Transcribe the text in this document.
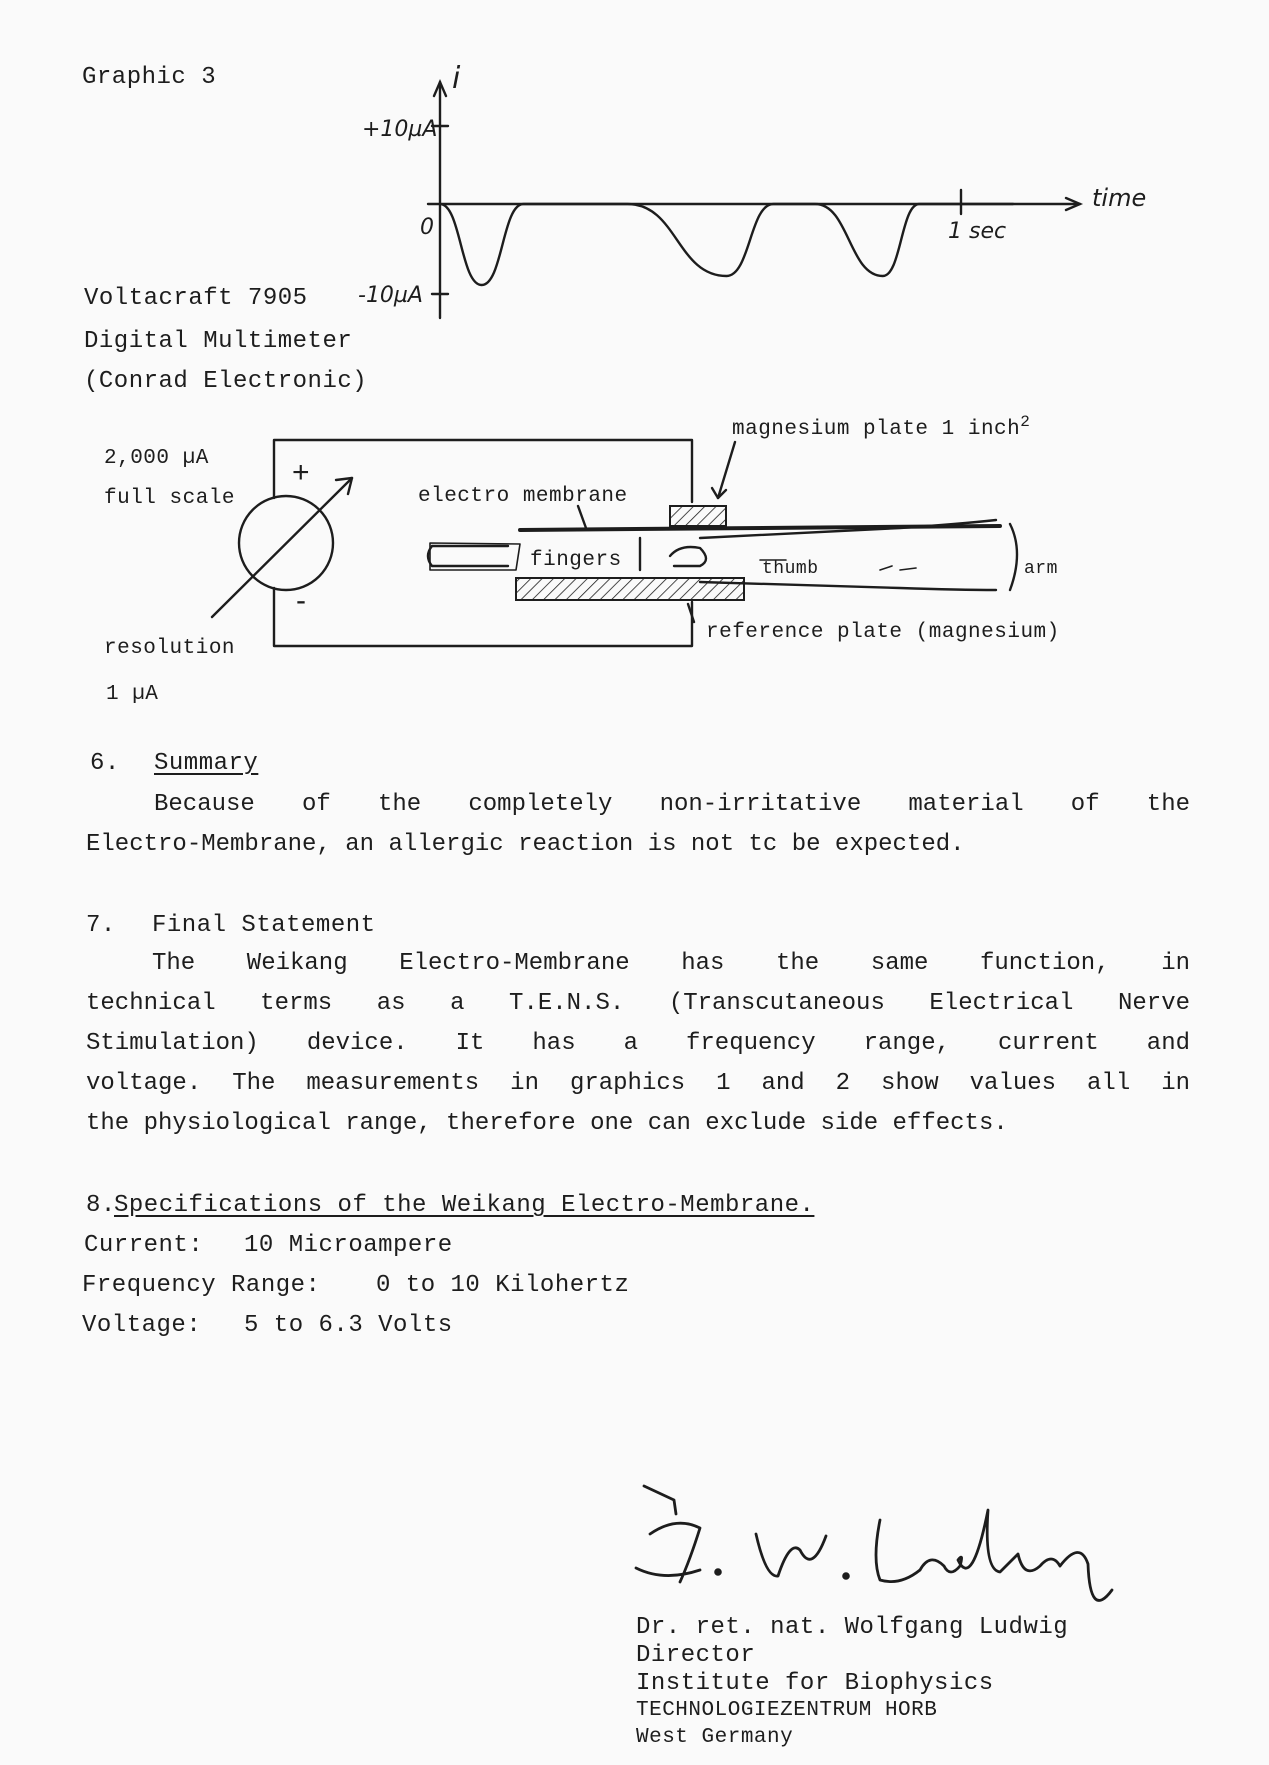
Graphic 3	i
time
+10µA
0
-10µA
1 sec
+
-
Voltacraft 7905
Digital Multimeter
(Conrad Electronic)
2,000 µA
full scale
resolution
1 µA
magnesium plate 1 inch$^2$
electro membrane
fingers	thumb	arm
reference plate (magnesium)
6. Summary
Because of the completely non-irritative material of the
Electro-Membrane, an allergic reaction is not tc be expected.
7. Final Statement
The Weikang Electro-Membrane has the same function, in
technical terms as a T.E.N.S. (Transcutaneous Electrical Nerve
Stimulation) device. It has a frequency range, current and
voltage. The measurements in graphics 1 and 2 show values all in
the physiological range, therefore one can exclude side effects.
8.
Specifications of the Weikang Electro-Membrane.
Current: 10 Microampere
Frequency Range: 0 to 10 Kilohertz
Voltage: 5 to 6.3 Volts
Dr. ret. nat. Wolfgang Ludwig
Director
Institute for Biophysics
TECHNOLOGIEZENTRUM HORB
West Germany
